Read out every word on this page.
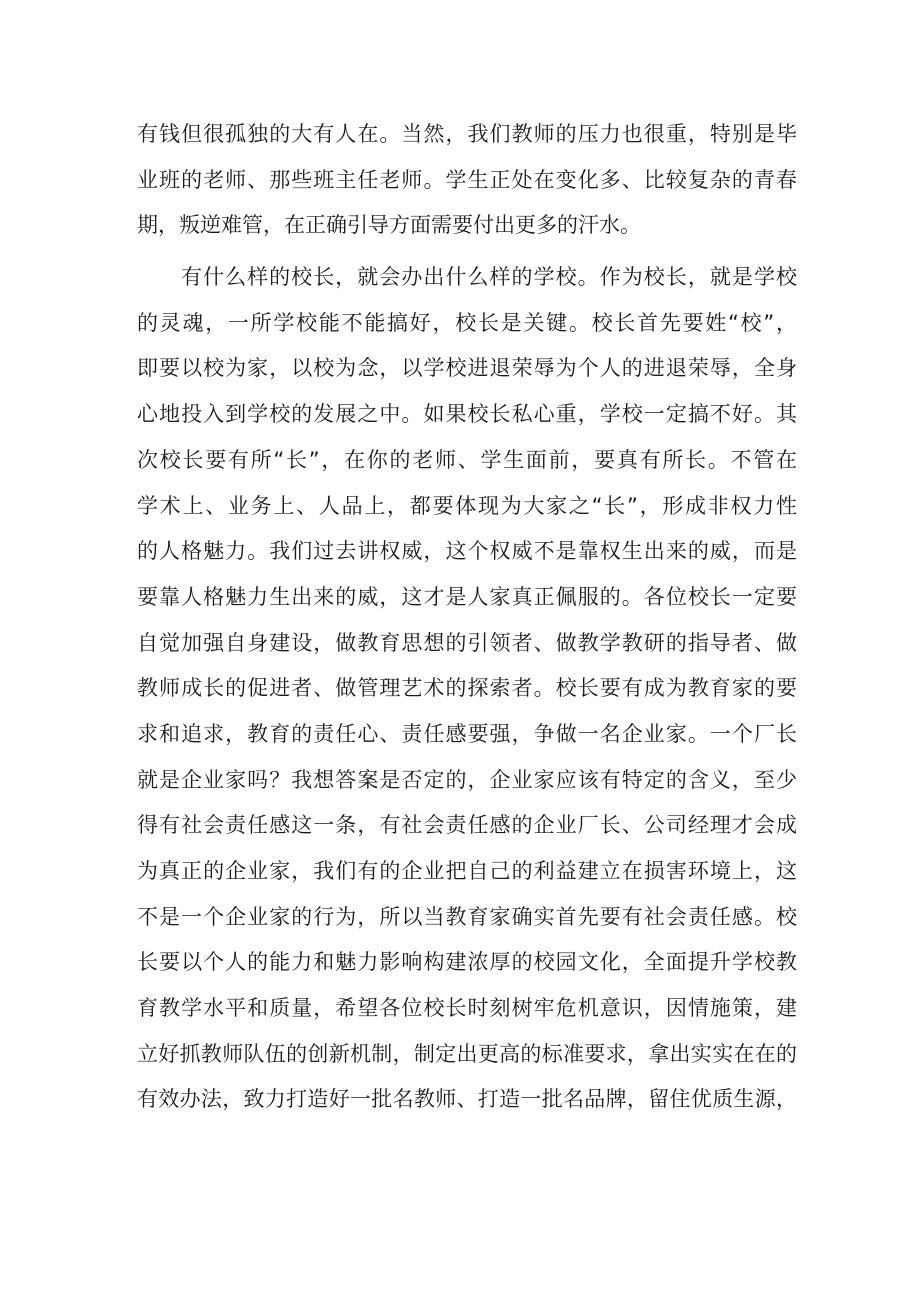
有钱但很孤独的大有人在。当然，我们教师的压力也很重，特别是毕
业班的老师、那些班主任老师。学生正处在变化多、比较复杂的青春
期，叛逆难管，在正确引导方面需要付出更多的汗水。
有什么样的校长，就会办出什么样的学校。作为校长，就是学校
的灵魂，一所学校能不能搞好，校长是关键。校长首先要姓“校”，
即要以校为家，以校为念，以学校进退荣辱为个人的进退荣辱，全身
心地投入到学校的发展之中。如果校长私心重，学校一定搞不好。其
次校长要有所“长”，在你的老师、学生面前，要真有所长。不管在
学术上、业务上、人品上，都要体现为大家之“长”，形成非权力性
的人格魅力。我们过去讲权威，这个权威不是靠权生出来的威，而是
要靠人格魅力生出来的威，这才是人家真正佩服的。各位校长一定要
自觉加强自身建设，做教育思想的引领者、做教学教研的指导者、做
教师成长的促进者、做管理艺术的探索者。校长要有成为教育家的要
求和追求，教育的责任心、责任感要强，争做一名企业家。一个厂长
就是企业家吗？我想答案是否定的，企业家应该有特定的含义，至少
得有社会责任感这一条，有社会责任感的企业厂长、公司经理才会成
为真正的企业家，我们有的企业把自己的利益建立在损害环境上，这
不是一个企业家的行为，所以当教育家确实首先要有社会责任感。校
长要以个人的能力和魅力影响构建浓厚的校园文化，全面提升学校教
育教学水平和质量，希望各位校长时刻树牢危机意识，因情施策，建
立好抓教师队伍的创新机制，制定出更高的标准要求，拿出实实在在的
有效办法，致力打造好一批名教师、打造一批名品牌，留住优质生源，
